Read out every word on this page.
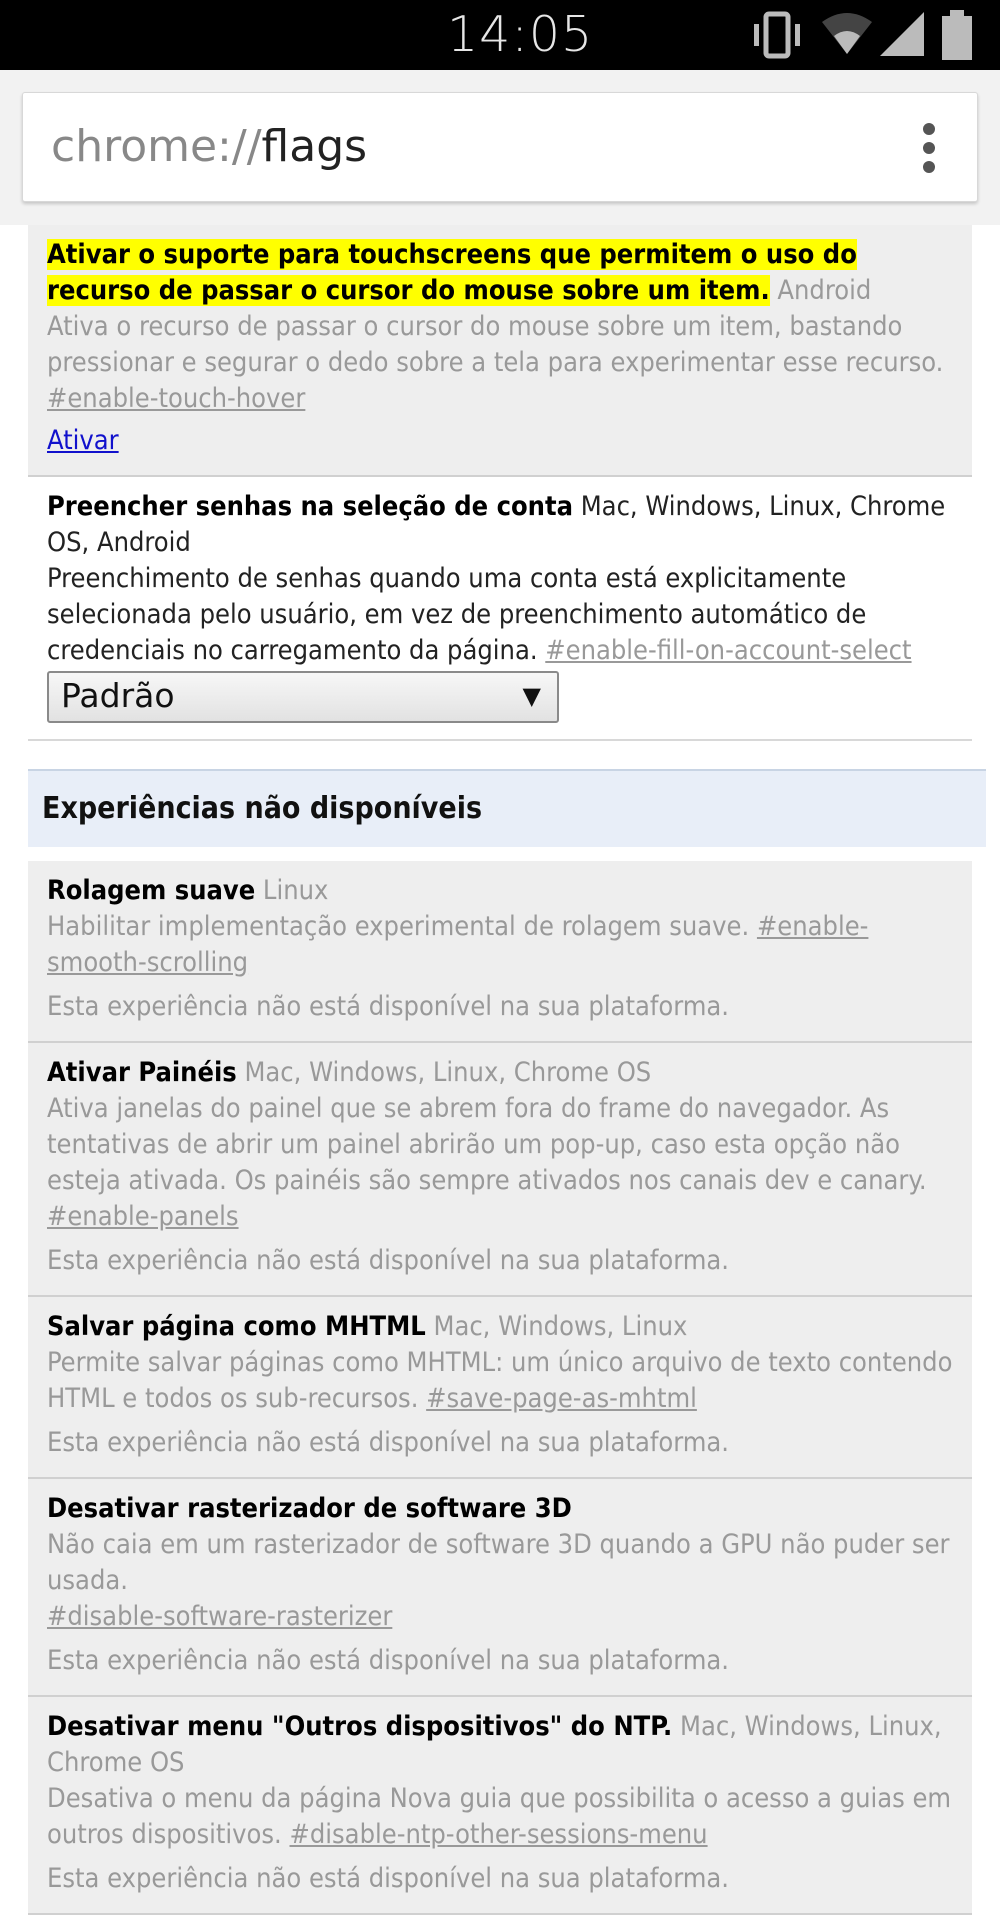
14:05
chrome://flags
Ativar o suporte para touchscreens que permitem o uso do recurso de passar o cursor do mouse sobre um item. Android
Ativa o recurso de passar o cursor do mouse sobre um item, bastando pressionar e segurar o dedo sobre a tela para experimentar esse recurso.
#enable-touch-hover
Ativar
Preencher senhas na seleção de conta Mac, Windows, Linux, Chrome OS, Android
Preenchimento de senhas quando uma conta está explicitamente selecionada pelo usuário, em vez de preenchimento automático de credenciais no carregamento da página. #enable-fill-on-account-select
Padrão	▼
Experiências não disponíveis
Rolagem suave Linux
Habilitar implementação experimental de rolagem suave. #enable-smooth-scrolling
Esta experiência não está disponível na sua plataforma.
Ativar Painéis Mac, Windows, Linux, Chrome OS
Ativa janelas do painel que se abrem fora do frame do navegador. As tentativas de abrir um painel abrirão um pop-up, caso esta opção não esteja ativada. Os painéis são sempre ativados nos canais dev e canary. #enable-panels
Esta experiência não está disponível na sua plataforma.
Salvar página como MHTML Mac, Windows, Linux
Permite salvar páginas como MHTML: um único arquivo de texto contendo HTML e todos os sub-recursos. #save-page-as-mhtml
Esta experiência não está disponível na sua plataforma.
Desativar rasterizador de software 3D
Não caia em um rasterizador de software 3D quando a GPU não puder ser usada.
#disable-software-rasterizer
Esta experiência não está disponível na sua plataforma.
Desativar menu "Outros dispositivos" do NTP. Mac, Windows, Linux, Chrome OS
Desativa o menu da página Nova guia que possibilita o acesso a guias em outros dispositivos. #disable-ntp-other-sessions-menu
Esta experiência não está disponível na sua plataforma.
